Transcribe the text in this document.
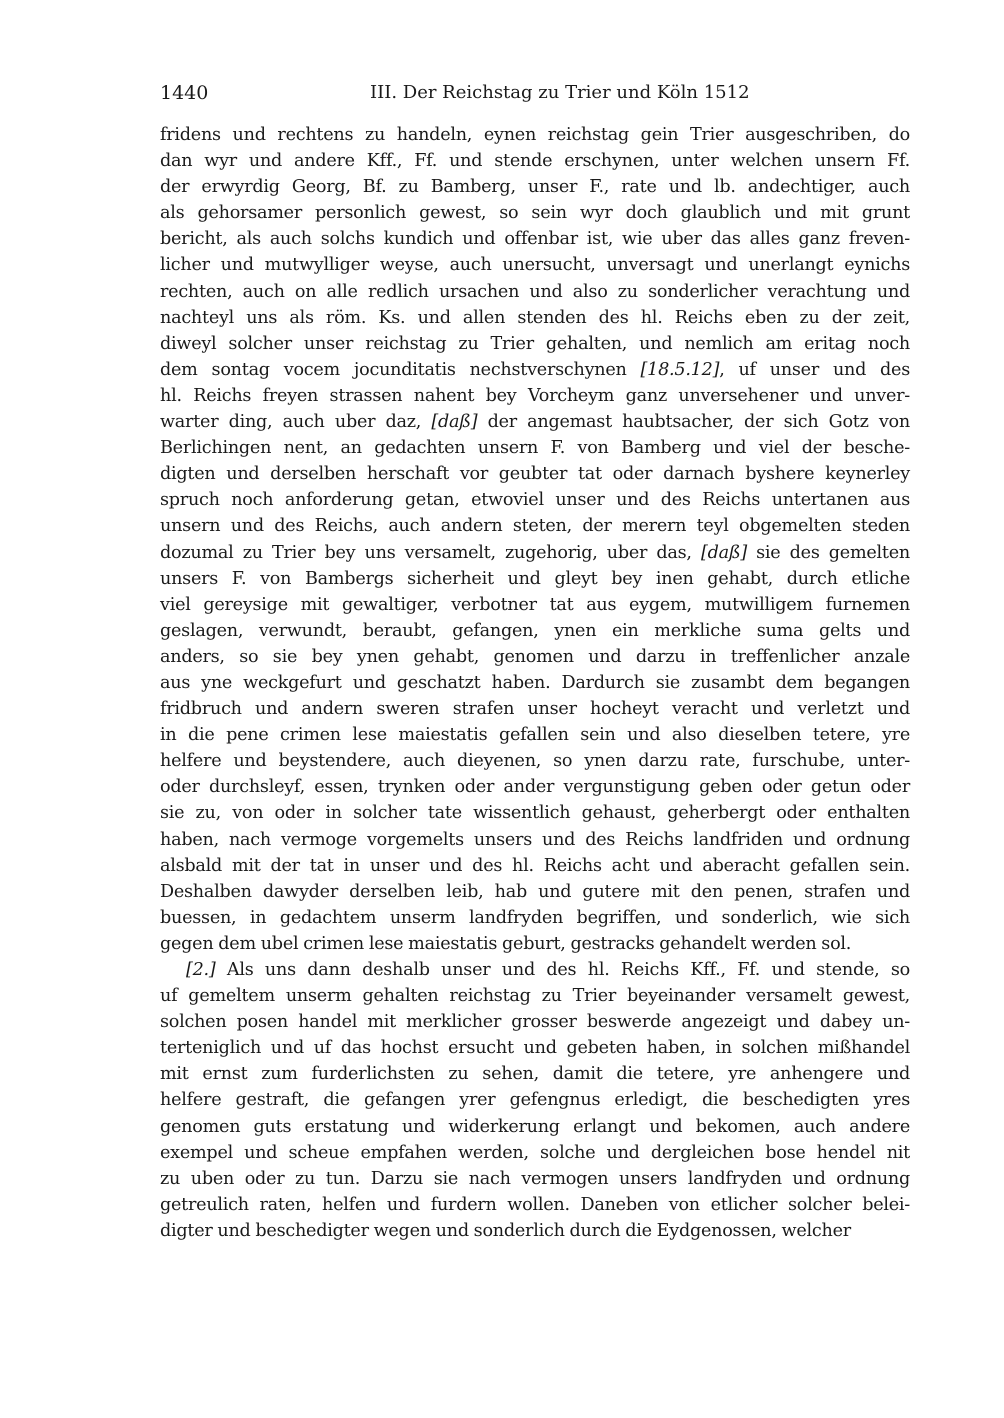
1440	III. Der Reichstag zu Trier und Köln 1512

fridens und rechtens zu handeln, eynen reichstag gein Trier ausgeschriben, do

dan wyr und andere Kff., Ff. und stende erschynen, unter welchen unsern Ff.

der erwyrdig Georg, Bf. zu Bamberg, unser F., rate und lb. andechtiger, auch

als gehorsamer personlich gewest, so sein wyr doch glaublich und mit grunt

bericht, als auch solchs kundich und offenbar ist, wie uber das alles ganz freven-

licher und mutwylliger weyse, auch unersucht, unversagt und unerlangt eynichs

rechten, auch on alle redlich ursachen und also zu sonderlicher verachtung und

nachteyl uns als röm. Ks. und allen stenden des hl. Reichs eben zu der zeit,

diweyl solcher unser reichstag zu Trier gehalten, und nemlich am eritag noch

dem sontag vocem jocunditatis nechstverschynen [18.5.12], uf unser und des

hl. Reichs freyen strassen nahent bey Vorcheym ganz unversehener und unver-

warter ding, auch uber daz, [daß] der angemast haubtsacher, der sich Gotz von

Berlichingen nent, an gedachten unsern F. von Bamberg und viel der besche-

digten und derselben herschaft vor geubter tat oder darnach byshere keynerley

spruch noch anforderung getan, etwoviel unser und des Reichs untertanen aus

unsern und des Reichs, auch andern steten, der merern teyl obgemelten steden

dozumal zu Trier bey uns versamelt, zugehorig, uber das, [daß] sie des gemelten

unsers F. von Bambergs sicherheit und gleyt bey inen gehabt, durch etliche

viel gereysige mit gewaltiger, verbotner tat aus eygem, mutwilligem furnemen

geslagen, verwundt, beraubt, gefangen, ynen ein merkliche suma gelts und

anders, so sie bey ynen gehabt, genomen und darzu in treffenlicher anzale

aus yne weckgefurt und geschatzt haben. Dardurch sie zusambt dem begangen

fridbruch und andern sweren strafen unser hocheyt veracht und verletzt und

in die pene crimen lese maiestatis gefallen sein und also dieselben tetere, yre

helfere und beystendere, auch dieyenen, so ynen darzu rate, furschube, unter-

oder durchsleyf, essen, trynken oder ander vergunstigung geben oder getun oder

sie zu, von oder in solcher tate wissentlich gehaust, geherbergt oder enthalten

haben, nach vermoge vorgemelts unsers und des Reichs landfriden und ordnung

alsbald mit der tat in unser und des hl. Reichs acht und aberacht gefallen sein.

Deshalben dawyder derselben leib, hab und gutere mit den penen, strafen und

buessen, in gedachtem unserm landfryden begriffen, und sonderlich, wie sich

gegen dem ubel crimen lese maiestatis geburt, gestracks gehandelt werden sol.

[2.] Als uns dann deshalb unser und des hl. Reichs Kff., Ff. und stende, so

uf gemeltem unserm gehalten reichstag zu Trier beyeinander versamelt gewest,

solchen posen handel mit merklicher grosser beswerde angezeigt und dabey un-

terteniglich und uf das hochst ersucht und gebeten haben, in solchen mißhandel

mit ernst zum furderlichsten zu sehen, damit die tetere, yre anhengere und

helfere gestraft, die gefangen yrer gefengnus erledigt, die beschedigten yres

genomen guts erstatung und widerkerung erlangt und bekomen, auch andere

exempel und scheue empfahen werden, solche und dergleichen bose hendel nit

zu uben oder zu tun. Darzu sie nach vermogen unsers landfryden und ordnung

getreulich raten, helfen und furdern wollen. Daneben von etlicher solcher belei-

digter und beschedigter wegen und sonderlich durch die Eydgenossen, welcher
